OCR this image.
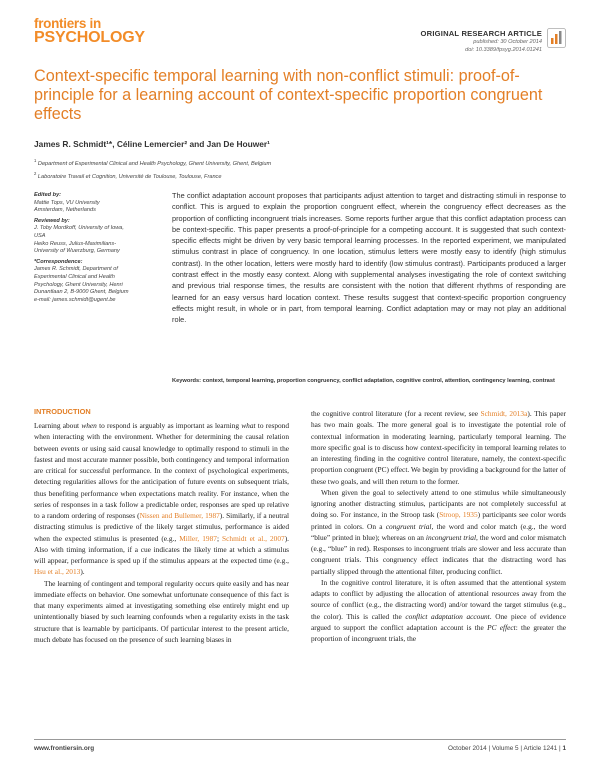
frontiers in
PSYCHOLOGY	ORIGINAL RESEARCH ARTICLE
published: 30 October 2014
doi: 10.3389/fpsyg.2014.01241
Context-specific temporal learning with non-conflict stimuli: proof-of-principle for a learning account of context-specific proportion congruent effects
James R. Schmidt¹*, Céline Lemercier² and Jan De Houwer¹
$^1$ Department of Experimental Clinical and Health Psychology, Ghent University, Ghent, Belgium
$^2$ Laboratoire Travail et Cognition, Université de Toulouse, Toulouse, France
Edited by:
Mattie Tops, VU University
Amsterdam, Netherlands
Reviewed by:
J. Toby Mordkoff, University of Iowa,
USA
Heiko Reuss, Julius-Maximilians-
University of Wuerzburg, Germany
*Correspondence:
James R. Schmidt, Department of
Experimental Clinical and Health
Psychology, Ghent University, Henri
Dunantlaan 2, B-9000 Ghent, Belgium
e-mail: james.schmidt@ugent.be
The conflict adaptation account proposes that participants adjust attention to target and distracting stimuli in response to conflict. This is argued to explain the proportion congruent effect, wherein the congruency effect decreases as the proportion of conflicting incongruent trials increases. Some reports further argue that this conflict adaptation process can be context-specific. This paper presents a proof-of-principle for a competing account. It is suggested that such context-specific effects might be driven by very basic temporal learning processes. In the reported experiment, we manipulated stimulus contrast in place of congruency. In one location, stimulus letters were mostly easy to identify (high stimulus contrast). In the other location, letters were mostly hard to identify (low stimulus contrast). Participants produced a larger contrast effect in the mostly easy context. Along with supplemental analyses investigating the role of context switching and previous trial response times, the results are consistent with the notion that different rhythms of responding are learned for an easy versus hard location context. These results suggest that context-specific proportion congruency effects might result, in whole or in part, from temporal learning. Conflict adaptation may or may not play an additional role.
Keywords: context, temporal learning, proportion congruency, conflict adaptation, cognitive control, attention, contingency learning, contrast
INTRODUCTION

Learning about when to respond is arguably as important as learning what to respond when interacting with the environment. Whether for determining the causal relation between events or using said causal knowledge to optimally respond to stimuli in the fastest and most accurate manner possible, both contingency and temporal information are critical for successful performance. In the context of psychological experiments, detecting regularities allows for the anticipation of future events on subsequent trials, thus benefiting performance when expectations match reality. For instance, when the series of responses in a task follow a predictable order, responses are sped up relative to a random ordering of responses (Nissen and Bullemer, 1987). Similarly, if a neutral distracting stimulus is predictive of the likely target stimulus, performance is aided when the expected stimulus is presented (e.g., Miller, 1987; Schmidt et al., 2007). Also with timing information, if a cue indicates the likely time at which a stimulus will appear, performance is sped up if the stimulus appears at the expected time (e.g., Hsu et al., 2013).

The learning of contingent and temporal regularity occurs quite easily and has near immediate effects on behavior. One somewhat unfortunate consequence of this fact is that many experiments aimed at investigating something else entirely might end up unintentionally biased by such learning confounds when a regularity exists in the task structure that is learnable by participants. Of particular interest to the present article, much debate has focused on the presence of such learning biases in

the cognitive control literature (for a recent review, see Schmidt, 2013a). This paper has two main goals. The more general goal is to investigate the potential role of contextual information in moderating learning, particularly temporal learning. The more specific goal is to discuss how context-specificity in temporal learning relates to an interesting finding in the cognitive control literature, namely, the context-specific proportion congruent (PC) effect. We begin by providing a background for the latter of these two goals, and will then return to the former.

When given the goal to selectively attend to one stimulus while simultaneously ignoring another distracting stimulus, participants are not completely successful at doing so. For instance, in the Stroop task (Stroop, 1935) participants see color words printed in colors. On a congruent trial, the word and color match (e.g., the word “blue” printed in blue); whereas on an incongruent trial, the word and color mismatch (e.g., “blue” in red). Responses to incongruent trials are slower and less accurate than congruent trials. This congruency effect indicates that the distracting word has partially slipped through the attentional filter, producing conflict.

In the cognitive control literature, it is often assumed that the attentional system adapts to conflict by adjusting the allocation of attentional resources away from the source of conflict (e.g., the distracting word) and/or toward the target stimulus (e.g., the color). This is called the conflict adaptation account. One piece of evidence argued to support the conflict adaptation account is the PC effect: the greater the proportion of incongruent trials, the

www.frontiersin.org	October 2014 | Volume 5 | Article 1241 | 1
